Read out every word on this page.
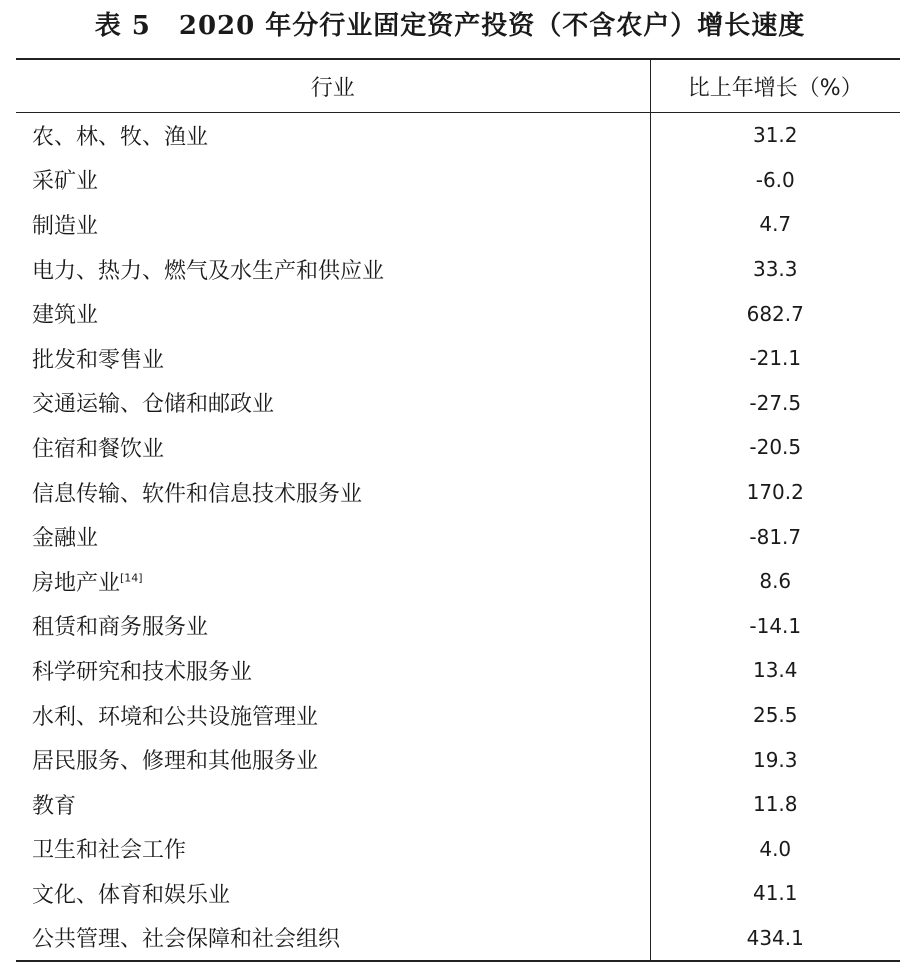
表 5 2020 年分行业固定资产投资（不含农户）增长速度
行业	比上年增长（%）
农、林、牧、渔业	31.2
采矿业	-6.0
制造业	4.7
电力、热力、燃气及水生产和供应业	33.3
建筑业	682.7
批发和零售业	-21.1
交通运输、仓储和邮政业	-27.5
住宿和餐饮业	-20.5
信息传输、软件和信息技术服务业	170.2
金融业	-81.7
房地产业[14]	8.6
租赁和商务服务业	-14.1
科学研究和技术服务业	13.4
水利、环境和公共设施管理业	25.5
居民服务、修理和其他服务业	19.3
教育	11.8
卫生和社会工作	4.0
文化、体育和娱乐业	41.1
公共管理、社会保障和社会组织	434.1
